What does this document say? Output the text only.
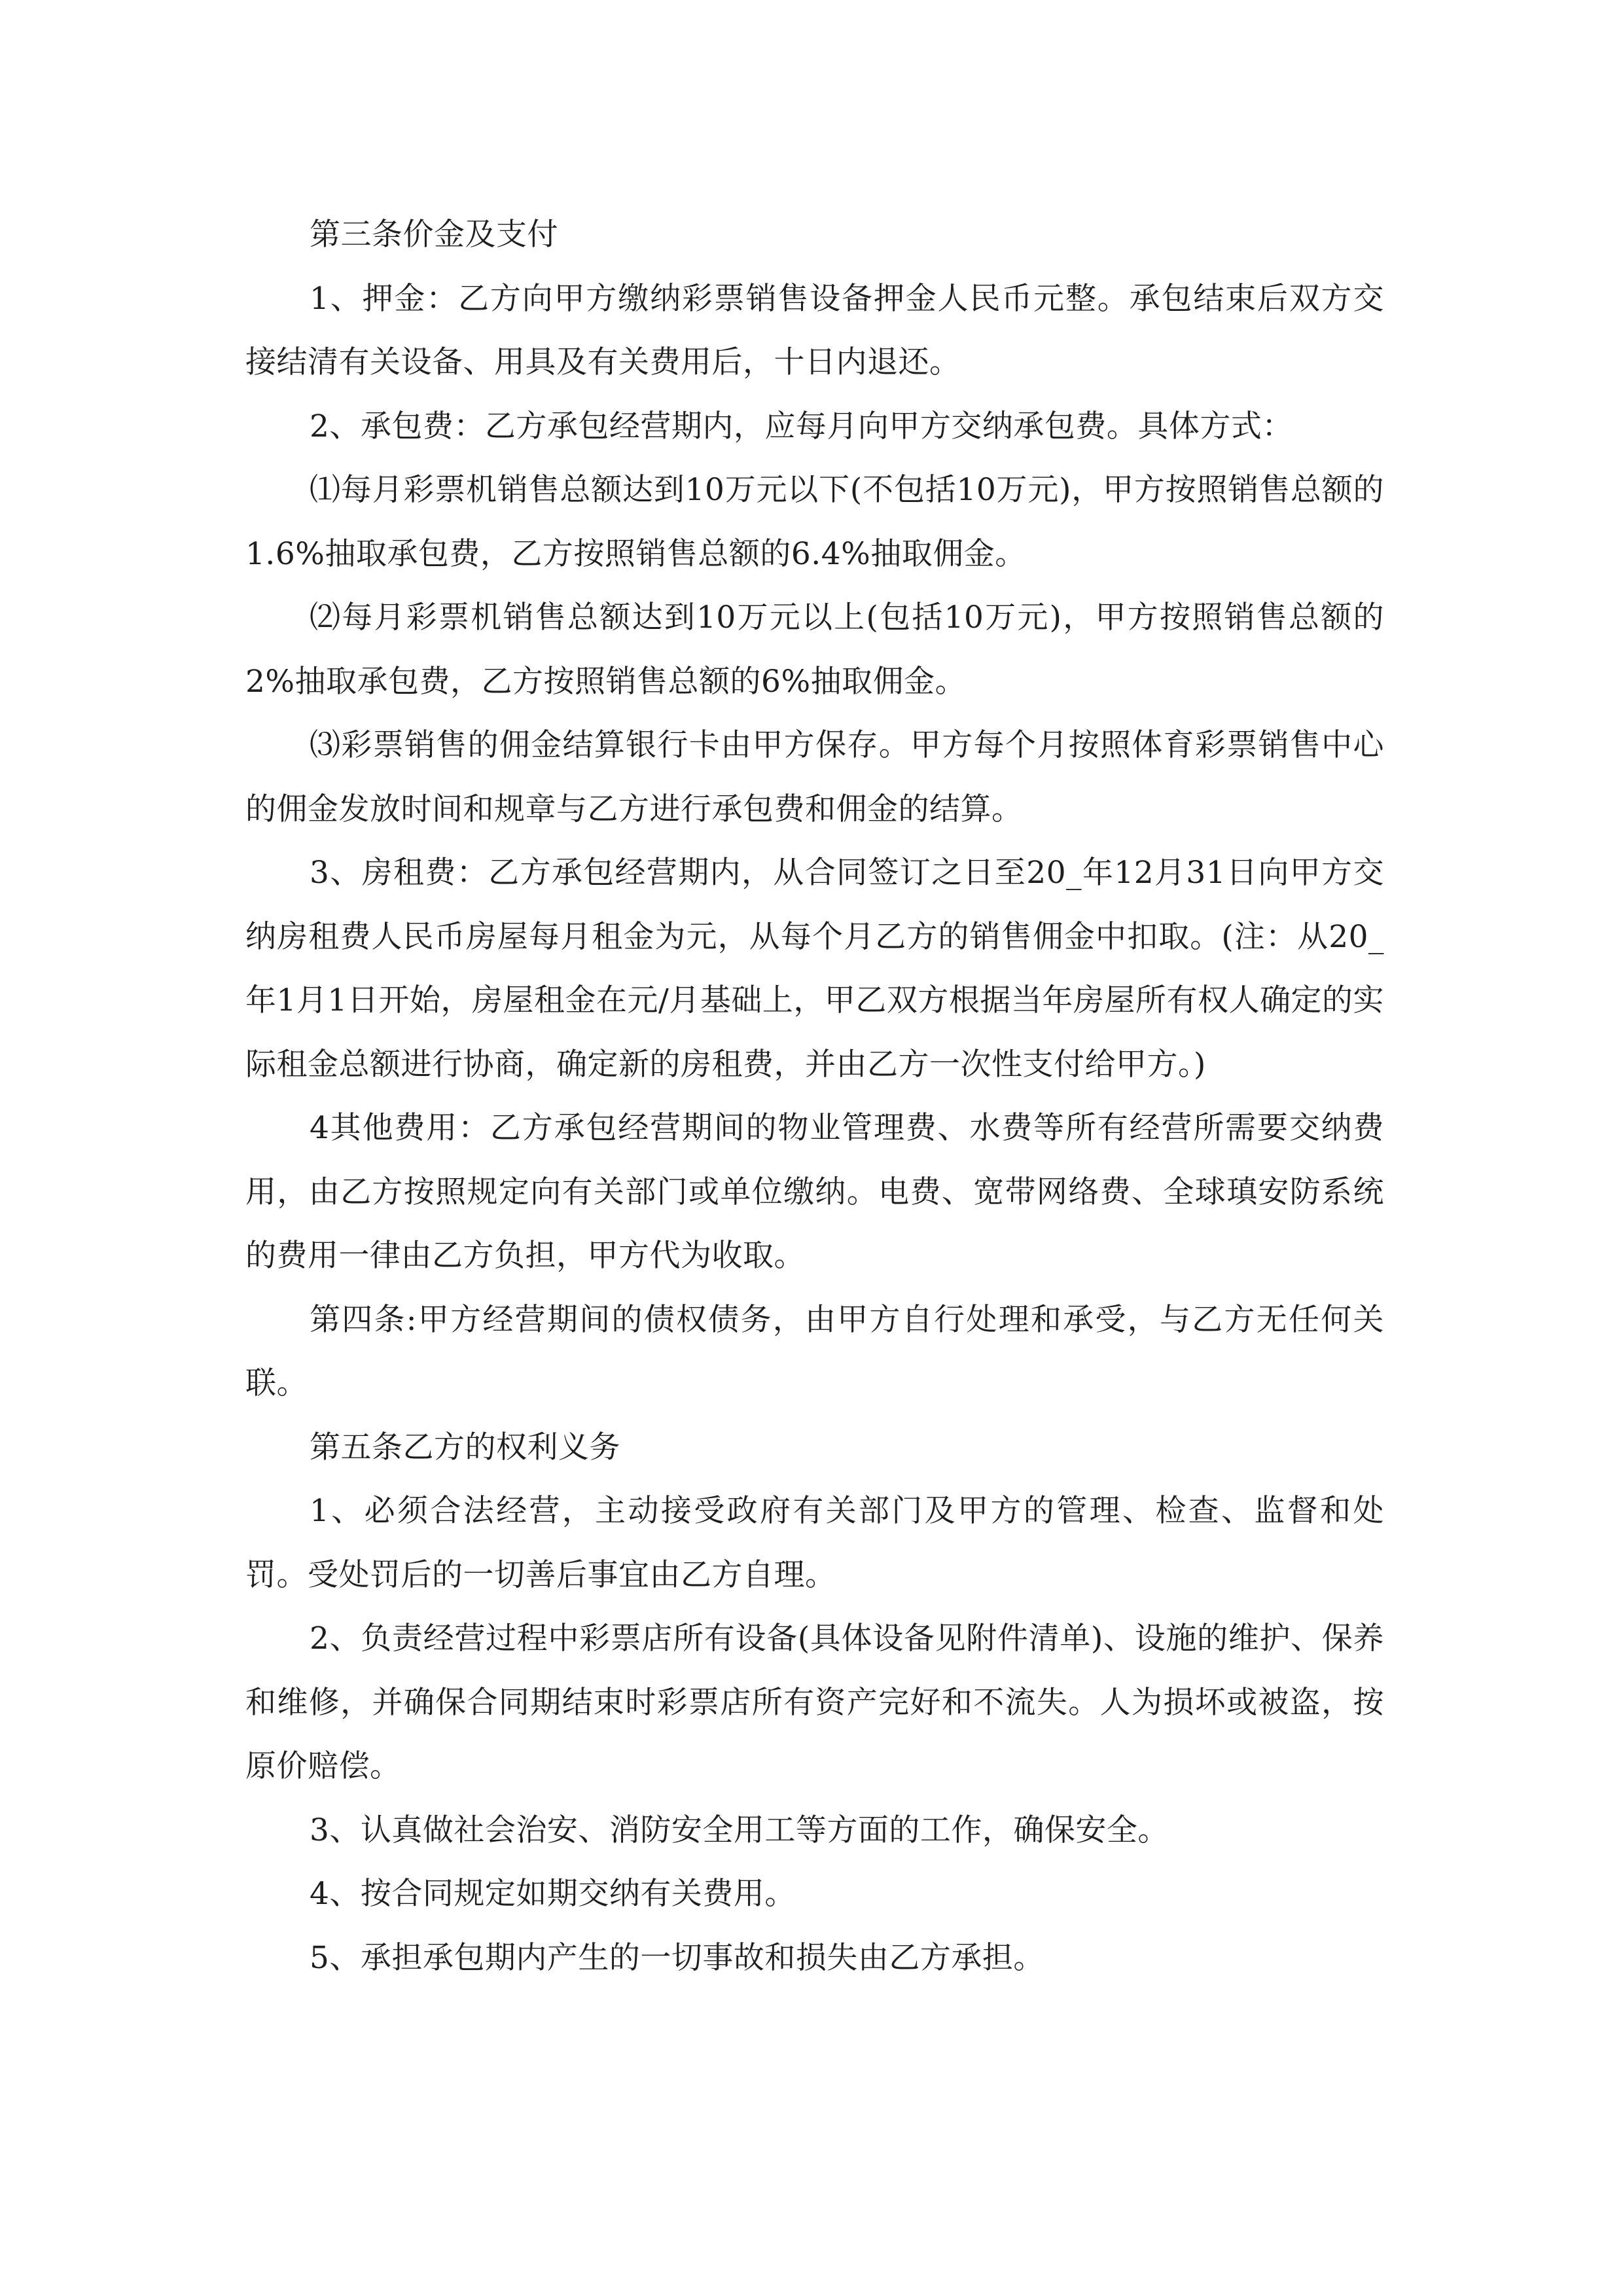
第三条价金及支付

1、押金：乙方向甲方缴纳彩票销售设备押金人民币元整。承包结束后双方交接结清有关设备、用具及有关费用后，十日内退还。

2、承包费：乙方承包经营期内，应每月向甲方交纳承包费。具体方式：

⑴每月彩票机销售总额达到10万元以下(不包括10万元)，甲方按照销售总额的1.6%抽取承包费，乙方按照销售总额的6.4%抽取佣金。

⑵每月彩票机销售总额达到10万元以上(包括10万元)，甲方按照销售总额的2%抽取承包费，乙方按照销售总额的6%抽取佣金。

⑶彩票销售的佣金结算银行卡由甲方保存。甲方每个月按照体育彩票销售中心的佣金发放时间和规章与乙方进行承包费和佣金的结算。

3、房租费：乙方承包经营期内，从合同签订之日至20_年12月31日向甲方交纳房租费人民币房屋每月租金为元，从每个月乙方的销售佣金中扣取。(注：从20_年1月1日开始，房屋租金在元/月基础上，甲乙双方根据当年房屋所有权人确定的实际租金总额进行协商，确定新的房租费，并由乙方一次性支付给甲方。)

4其他费用：乙方承包经营期间的物业管理费、水费等所有经营所需要交纳费用，由乙方按照规定向有关部门或单位缴纳。电费、宽带网络费、全球瑱安防系统的费用一律由乙方负担，甲方代为收取。

第四条:甲方经营期间的债权债务，由甲方自行处理和承受，与乙方无任何关联。

第五条乙方的权利义务

1、必须合法经营，主动接受政府有关部门及甲方的管理、检查、监督和处罚。受处罚后的一切善后事宜由乙方自理。

2、负责经营过程中彩票店所有设备(具体设备见附件清单)、设施的维护、保养和维修，并确保合同期结束时彩票店所有资产完好和不流失。人为损坏或被盗，按原价赔偿。

3、认真做社会治安、消防安全用工等方面的工作，确保安全。

4、按合同规定如期交纳有关费用。

5、承担承包期内产生的一切事故和损失由乙方承担。
